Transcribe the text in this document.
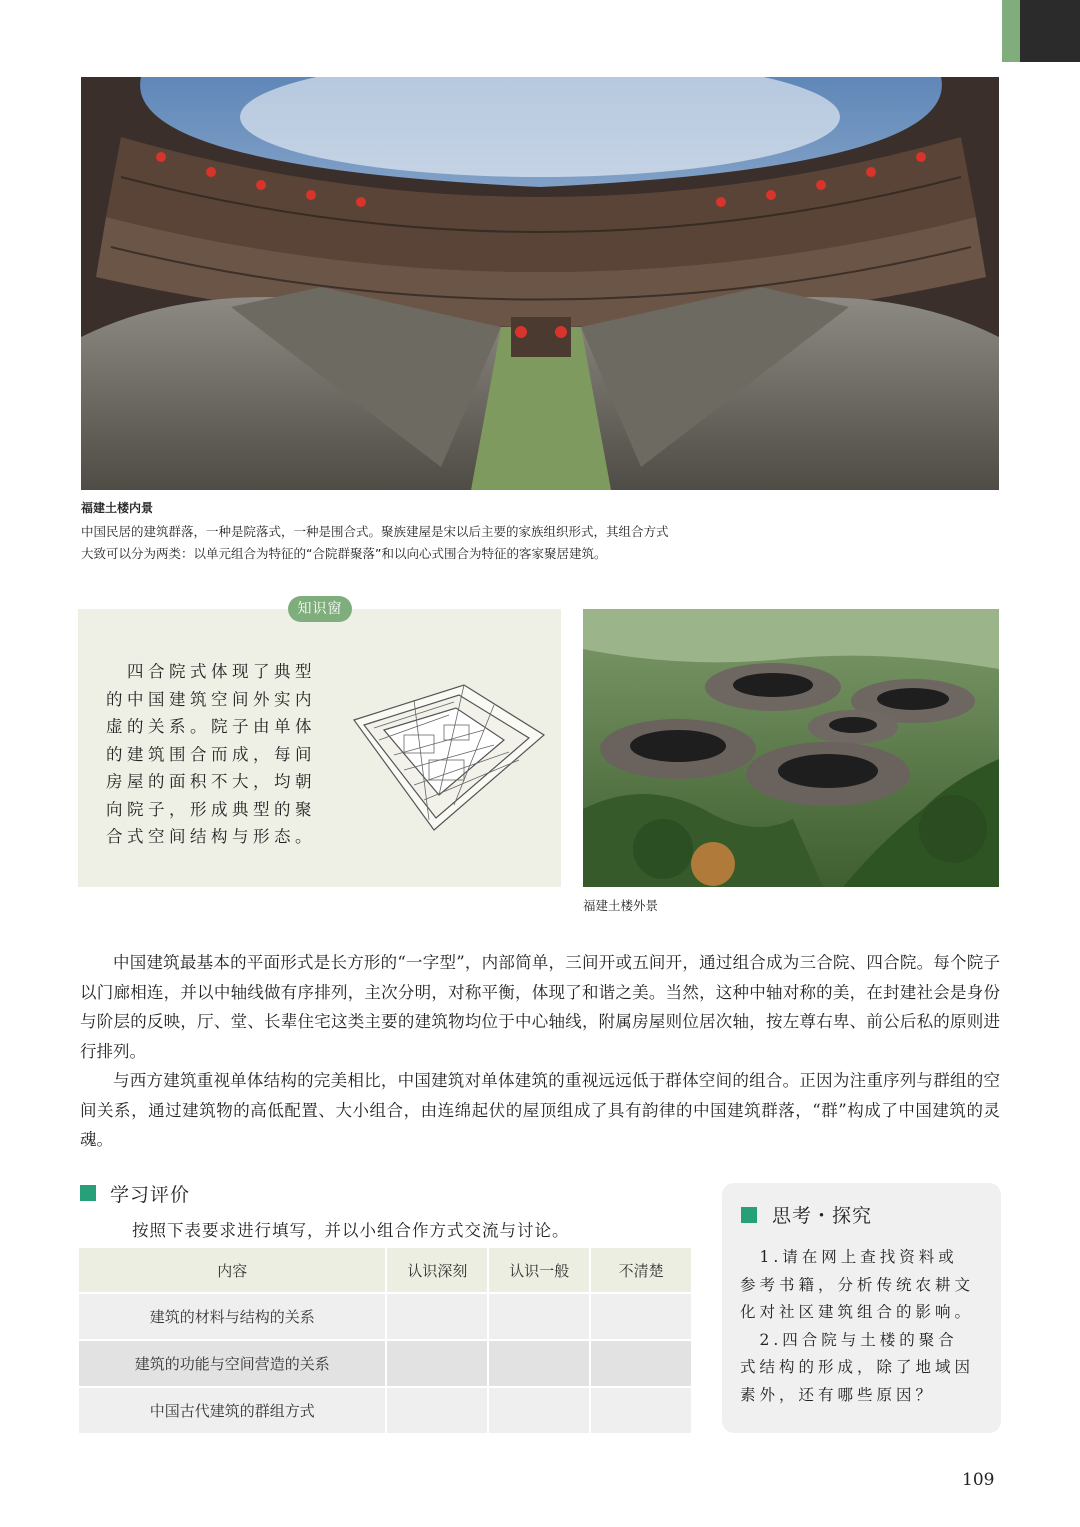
福建土楼内景
中国民居的建筑群落，一种是院落式，一种是围合式。聚族建屋是宋以后主要的家族组织形式，其组合方式
大致可以分为两类：以单元组合为特征的“合院群聚落”和以向心式围合为特征的客家聚居建筑。
知识窗
　四合院式体现了典型
的中国建筑空间外实内
虚的关系。院子由单体
的建筑围合而成，每间
房屋的面积不大，均朝
向院子，形成典型的聚
合式空间结构与形态。
福建土楼外景

中国建筑最基本的平面形式是长方形的“一字型”，内部简单，三间开或五间开，通过组合成为三合院、四合院。每个院子以门廊相连，并以中轴线做有序排列，主次分明，对称平衡，体现了和谐之美。当然，这种中轴对称的美，在封建社会是身份与阶层的反映，厅、堂、长辈住宅这类主要的建筑物均位于中心轴线，附属房屋则位居次轴，按左尊右卑、前公后私的原则进行排列。

与西方建筑重视单体结构的完美相比，中国建筑对单体建筑的重视远远低于群体空间的组合。正因为注重序列与群组的空间关系，通过建筑物的高低配置、大小组合，由连绵起伏的屋顶组成了具有韵律的中国建筑群落，“群”构成了中国建筑的灵魂。

学习评价
按照下表要求进行填写，并以小组合作方式交流与讨论。
内容	认识深刻	认识一般	不清楚
建筑的材料与结构的关系			
建筑的功能与空间营造的关系			
中国古代建筑的群组方式			
思考・探究
　1.请在网上查找资料或
参考书籍，分析传统农耕文
化对社区建筑组合的影响。
　2.四合院与土楼的聚合
式结构的形成，除了地域因
素外，还有哪些原因？
109
